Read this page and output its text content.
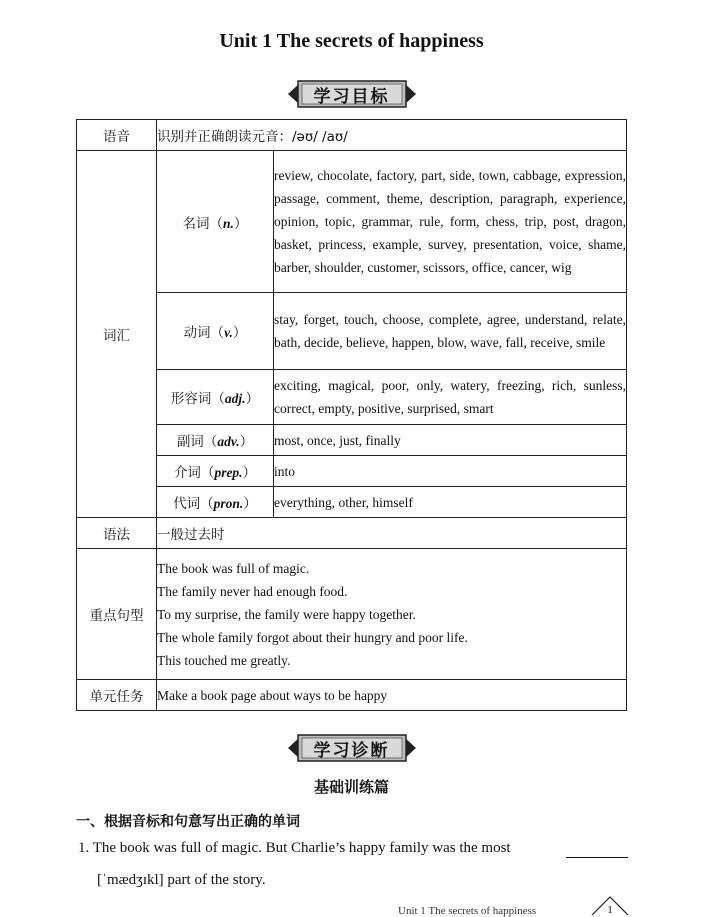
Unit 1 The secrets of happiness
学习目标
语音	识别并正确朗读元音：/əʊ/ /aʊ/	
词汇	名词（n.）	review, chocolate, factory, part, side, town, cabbage, expression, passage, comment, theme, description, paragraph, experience, opinion, topic, grammar, rule, form, chess, trip, post, dragon, basket, princess, example, survey, presentation, voice, shame, barber, shoulder, customer, scissors, office, cancer, wig
	动词（v.）	stay, forget, touch, choose, complete, agree, understand, relate, bath, decide, believe, happen, blow, wave, fall, receive, smile
	形容词（adj.）	exciting, magical, poor, only, watery, freezing, rich, sunless, correct, empty, positive, surprised, smart
	副词（adv.）	most, once, just, finally
	介词（prep.）	into
	代词（pron.）	everything, other, himself
语法	一般过去时	
重点句型	The book was full of magic.
The family never had enough food.
To my surprise, the family were happy together.
The whole family forgot about their hungry and poor life.
This touched me greatly.	

单元任务	Make a book page about ways to be happy	
学习诊断
基础训练篇
一、根据音标和句意写出正确的单词
1. The book was full of magic. But Charlie’s happy family was the most
[ˈmædʒɪkl] part of the story.
Unit 1 The secrets of happiness	1
